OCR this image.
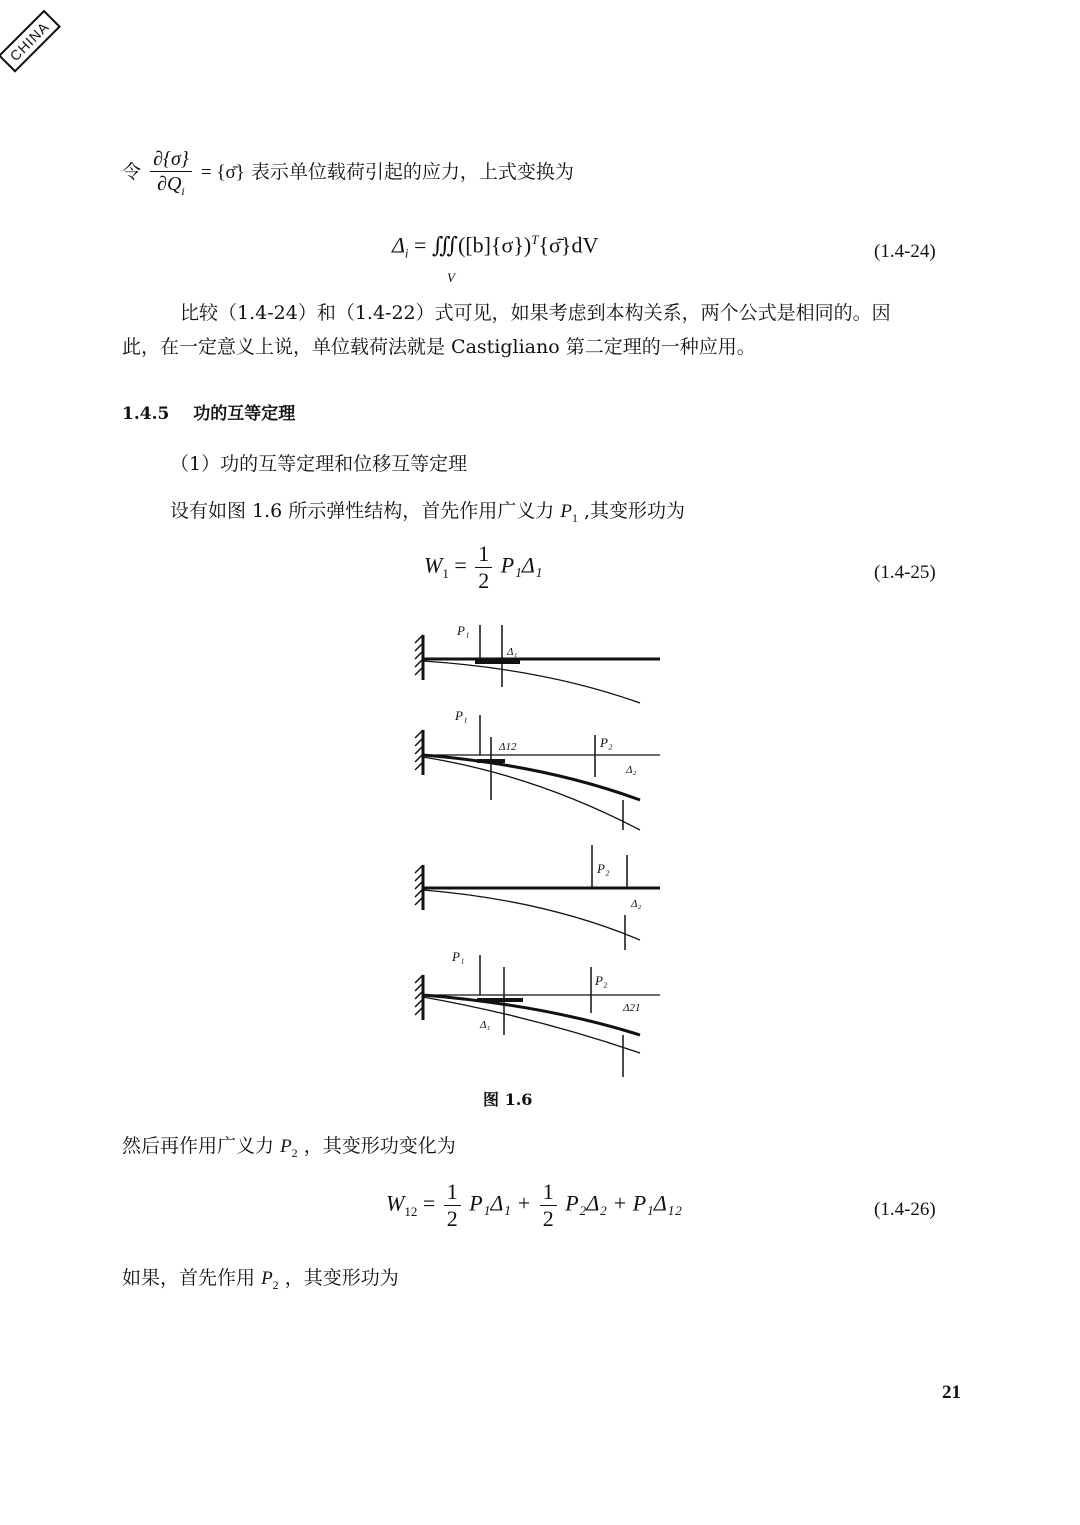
CHINA
令 $\frac{\partial\{\sigma\}}{\partial Q_i}$ = {σ̄} 表示单位载荷引起的应力，上式变换为
$\Delta_i$ = $∭([b]\{\sigma\})^T\{\sigmā\}dV$
V
(1.4-24)
比较（1.4-24）和（1.4-22）式可见，如果考虑到本构关系，两个公式是相同的。因
此，在一定意义上说，单位载荷法就是 Castigliano 第二定理的一种应用。
1.4.5 功的互等定理
（1）功的互等定理和位移互等定理
设有如图 1.6 所示弹性结构，首先作用广义力 $P_1$ ,其变形功为
$W_1 = \frac{1}{2} P_1\Delta_1$	(1.4-25)
P₁
Δ₁
P₁
Δ12	P₂
Δ₂
P₂
Δ₂
P₁
P₂
Δ21
Δ₁
图 1.6
然后再作用广义力 $P_2$ ，其变形功变化为
$W_{12} = \frac{1}{2} P_1\Delta_1 + \frac{1}{2} P_2\Delta_2 + P_1\Delta_{12}$	(1.4-26)
如果，首先作用 $P_2$ ，其变形功为
21
